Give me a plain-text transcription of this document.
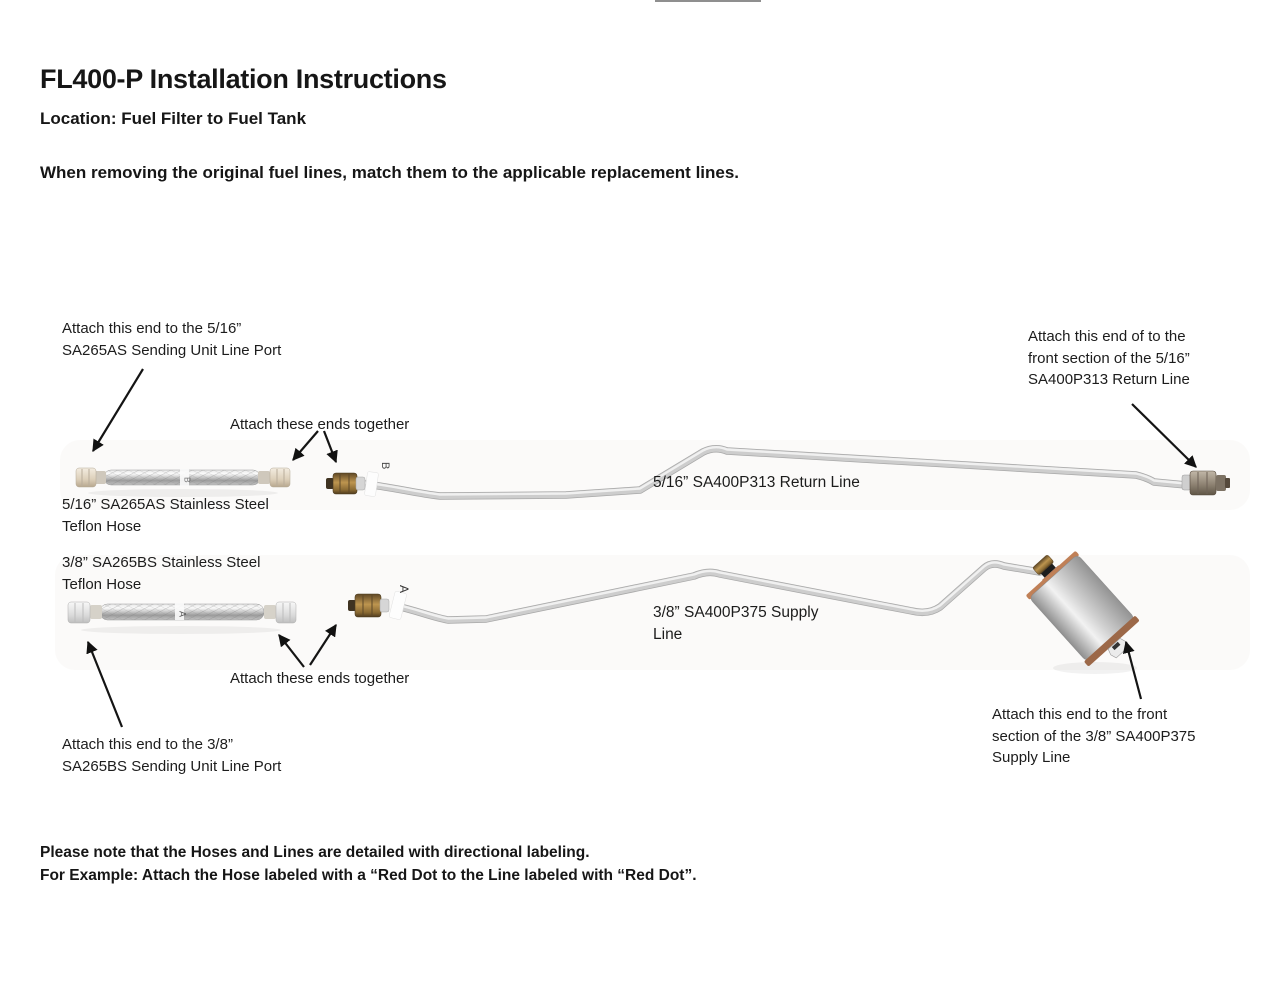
B
A
B
A
FL400-P Installation Instructions
Location: Fuel Filter to Fuel Tank
When removing the original fuel lines, match them to the applicable replacement lines.
Attach this end to the 5/16”
SA265AS Sending Unit Line Port
Attach these ends together
Attach this end of to the
front section of the 5/16”
SA400P313 Return Line
5/16” SA265AS Stainless Steel
Teflon Hose
3/8” SA265BS Stainless Steel
Teflon Hose
5/16” SA400P313 Return Line
3/8” SA400P375 Supply
Line
Attach these ends together
Attach this end to the 3/8”
SA265BS Sending Unit Line Port
Attach this end to the front
section of the 3/8” SA400P375
Supply Line
Please note that the Hoses and Lines are detailed with directional labeling.
For Example: Attach the Hose labeled with a “Red Dot to the Line labeled with “Red Dot”.
